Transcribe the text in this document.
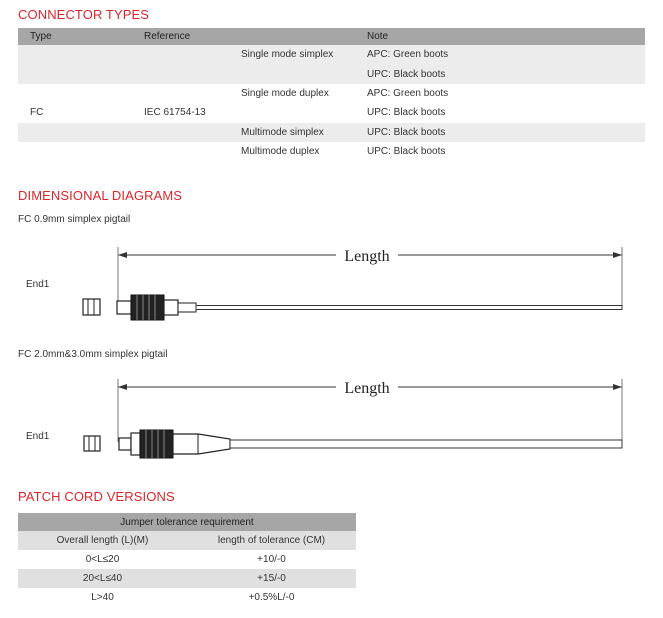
CONNECTOR TYPES
Type	Reference		Note
		Single mode simplex	APC: Green boots
			UPC: Black boots
		Single mode duplex	APC: Green boots
FC	IEC 61754-13		UPC: Black boots
		Multimode simplex	UPC: Black boots
		Multimode duplex	UPC: Black boots
DIMENSIONAL DIAGRAMS
FC 0.9mm simplex pigtail
End1
Length
FC 2.0mm&3.0mm simplex pigtail
End1
Length
PATCH CORD VERSIONS
Jumper tolerance requirement	
Overall length (L)(M)	length of tolerance (CM)
0<L≤20	+10/-0
20<L≤40	+15/-0
L>40	+0.5%L/-0
